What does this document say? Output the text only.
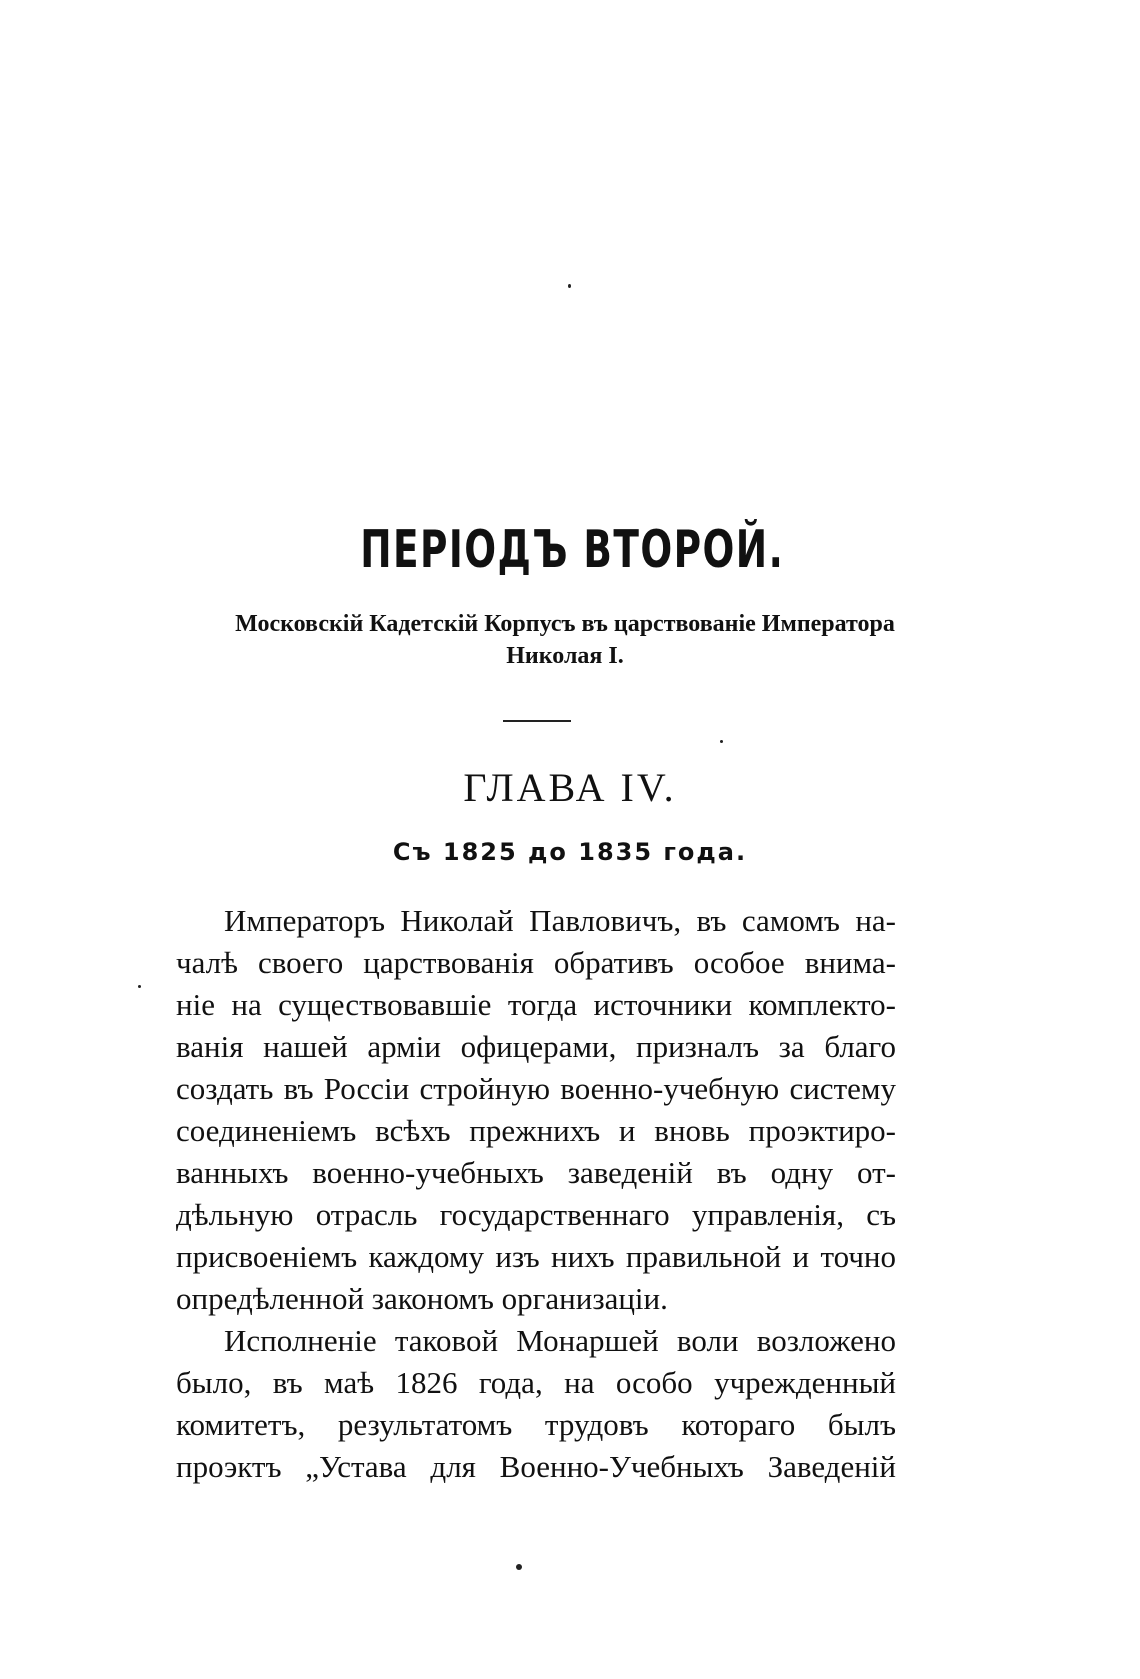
ПЕРІОДЪ ВТОРОЙ.
Московскій Кадетскій Корпусъ въ царствованіе Императора
Николая I.
ГЛАВА IV.
Съ 1825 до 1835 года.
Императоръ Николай Павловичъ, въ самомъ на-
чалѣ своего царствованія обративъ особое внима-
ніе на существовавшіе тогда источники комплекто-
ванія нашей арміи офицерами, призналъ за благо
создать въ Россіи стройную военно-учебную систему
соединеніемъ всѣхъ прежнихъ и вновь проэктиро-
ванныхъ военно-учебныхъ заведеній въ одну от-
дѣльную отрасль государственнаго управленія, съ
присвоеніемъ каждому изъ нихъ правильной и точно
опредѣленной закономъ организаціи.
Исполненіе таковой Монаршей воли возложено
было, въ маѣ 1826 года, на особо учрежденный
комитетъ, результатомъ трудовъ котораго былъ
проэктъ „Устава для Военно-Учебныхъ Заведеній
